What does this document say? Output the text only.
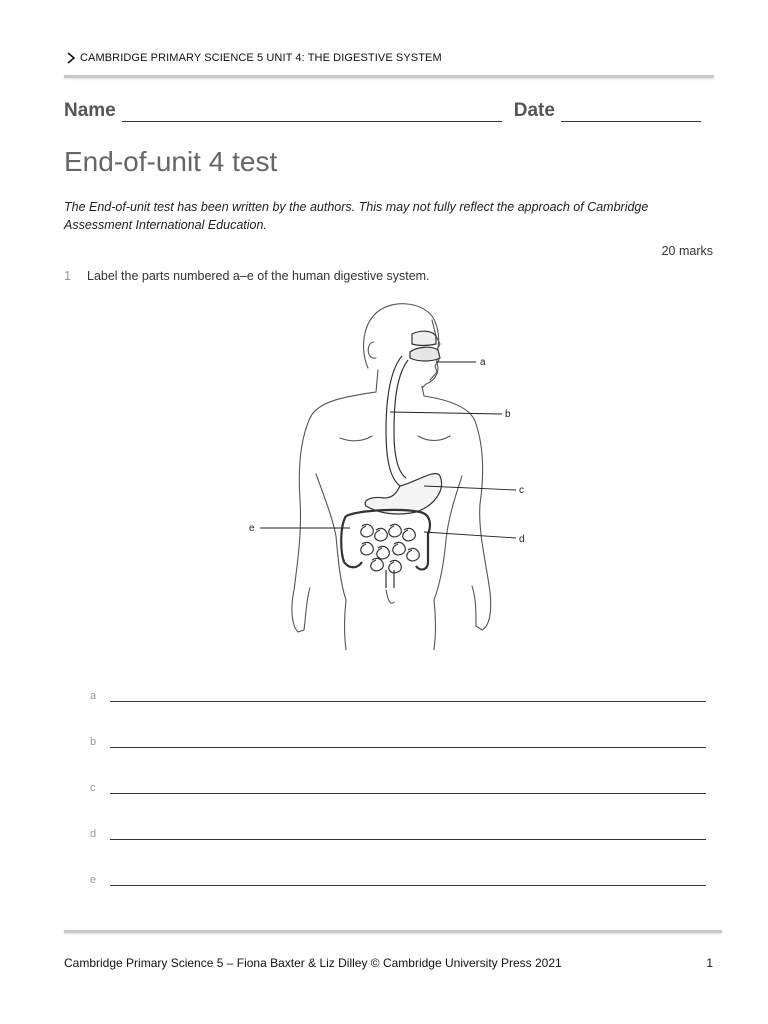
CAMBRIDGE PRIMARY SCIENCE 5 UNIT 4: THE DIGESTIVE SYSTEM
Name	Date
End-of-unit 4 test
The End-of-unit test has been written by the authors. This may not fully reflect the approach of Cambridge Assessment International Education.
20 marks
1 Label the parts numbered a–e of the human digestive system.
a
b
c
d
e
a
b
c
d
e
Cambridge Primary Science 5 – Fiona Baxter & Liz Dilley © Cambridge University Press 2021	1
